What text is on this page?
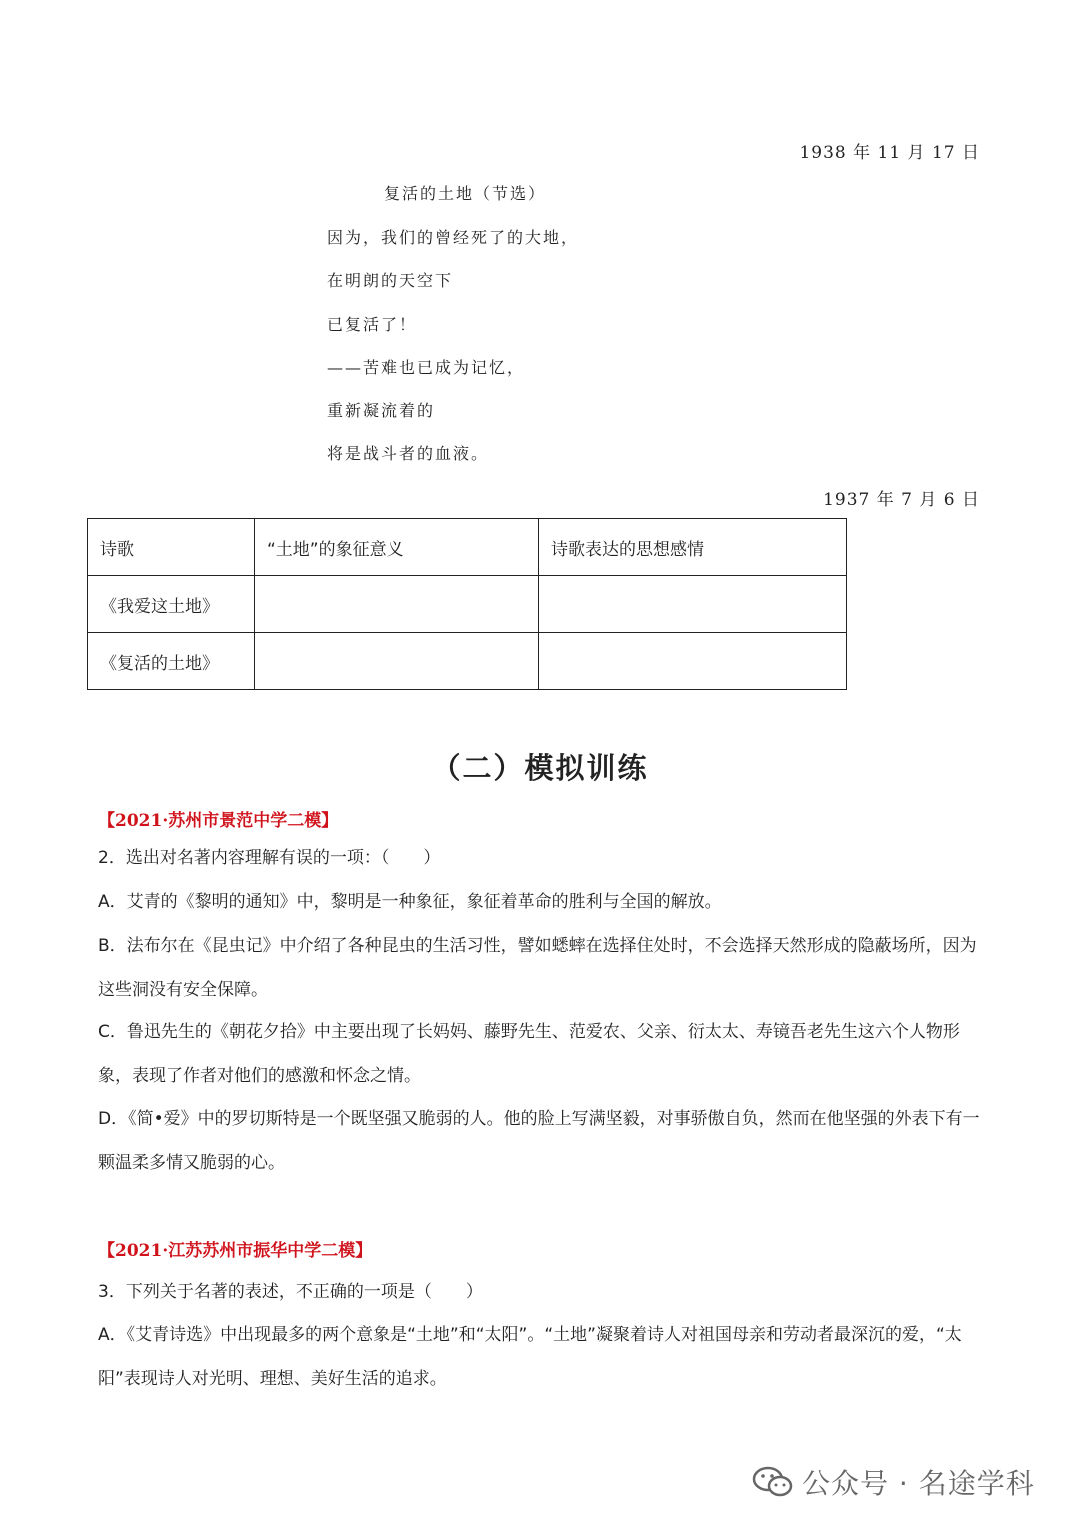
1938 年 11 月 17 日
复活的土地（节选）
因为，我们的曾经死了的大地，
在明朗的天空下
已复活了！
——苦难也已成为记忆，
重新凝流着的
将是战斗者的血液。
1937 年 7 月 6 日
诗歌	“土地”的象征意义	诗歌表达的思想感情
《我爱这土地》		
《复活的土地》		
（二）模拟训练
【2021·苏州市景范中学二模】
2．选出对名著内容理解有误的一项：（　　）
A．艾青的《黎明的通知》中，黎明是一种象征，象征着革命的胜利与全国的解放。
B．法布尔在《昆虫记》中介绍了各种昆虫的生活习性，譬如蟋蟀在选择住处时，不会选择天然形成的隐蔽场所，因为这些洞没有安全保障。
C．鲁迅先生的《朝花夕拾》中主要出现了长妈妈、藤野先生、范爱农、父亲、衍太太、寿镜吾老先生这六个人物形象，表现了作者对他们的感激和怀念之情。
D．《简•爱》中的罗切斯特是一个既坚强又脆弱的人。他的脸上写满坚毅，对事骄傲自负，然而在他坚强的外表下有一颗温柔多情又脆弱的心。
【2021·江苏苏州市振华中学二模】
3．下列关于名著的表述，不正确的一项是（　　）
A．《艾青诗选》中出现最多的两个意象是“土地”和“太阳”。“土地”凝聚着诗人对祖国母亲和劳动者最深沉的爱，“太阳”表现诗人对光明、理想、美好生活的追求。
公众号 · 名途学科
